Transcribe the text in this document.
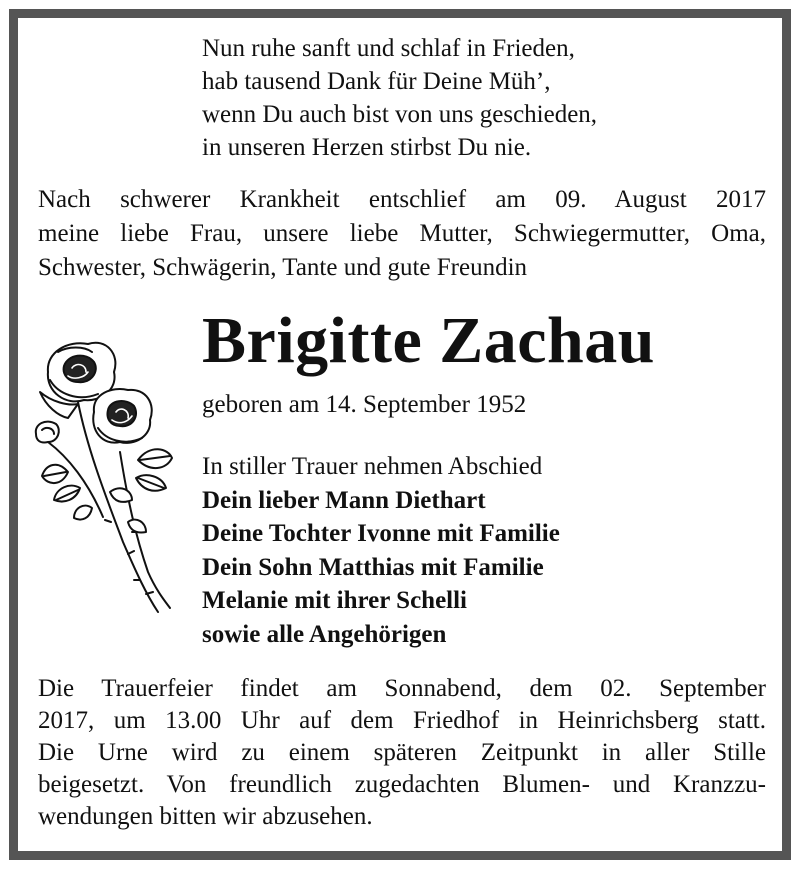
Nun ruhe sanft und schlaf in Frieden,
hab tausend Dank für Deine Müh’,
wenn Du auch bist von uns geschieden,
in unseren Herzen stirbst Du nie.
Nach schwerer Krankheit entschlief am 09. August 2017
meine liebe Frau, unsere liebe Mutter, Schwiegermutter, Oma,
Schwester, Schwägerin, Tante und gute Freundin
Brigitte Zachau
geboren am 14. September 1952
In stiller Trauer nehmen Abschied
Dein lieber Mann Diethart
Deine Tochter Ivonne mit Familie
Dein Sohn Matthias mit Familie
Melanie mit ihrer Schelli
sowie alle Angehörigen
Die Trauerfeier findet am Sonnabend, dem 02. September
2017, um 13.00 Uhr auf dem Friedhof in Heinrichsberg statt.
Die Urne wird zu einem späteren Zeitpunkt in aller Stille
beigesetzt. Von freundlich zugedachten Blumen- und Kranzzu-
wendungen bitten wir abzusehen.
